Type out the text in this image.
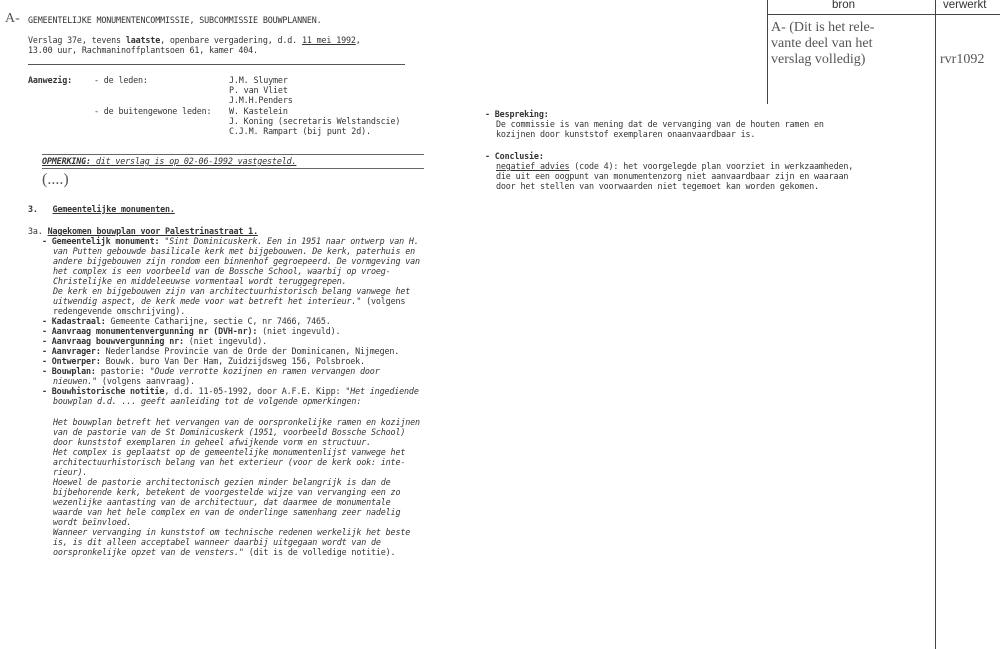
bron	verwerkt
A- (Dit is het rele-
vante deel van het
verslag volledig)	rvr1092
A- GEMEENTELIJKE MONUMENTENCOMMISSIE, SUBCOMMISSIE BOUWPLANNEN.
Verslag 37e, tevens laatste, openbare vergadering, d.d. 11 mei 1992,
13.00 uur, Rachmaninoffplantsoen 61, kamer 404.
Aanwezig:	- de leden:	J.M. Sluymer
P. van Vliet
J.M.H.Penders
- de buitengewone leden: W. Kastelein
J. Koning (secretaris Welstandscie)
C.J.M. Rampart (bij punt 2d).
OPMERKING: dit verslag is op 02-06-1992 vastgesteld.
(....)
3. Gemeentelijke monumenten.
3a. Nagekomen bouwplan voor Palestrinastraat 1.
- Gemeentelijk monument: "Sint Dominicuskerk. Een in 1951 naar ontwerp van H.
van Putten gebouwde basilicale kerk met bijgebouwen. De kerk, paterhuis en
andere bijgebouwen zijn rondom een binnenhof gegroepeerd. De vormgeving van
het complex is een voorbeeld van de Bossche School, waarbij op vroeg-
Christelijke en middeleeuwse vormentaal wordt teruggegrepen.
De kerk en bijgebouwen zijn van architectuurhistorisch belang vanwege het
uitwendig aspect, de kerk mede voor wat betreft het interieur." (volgens
redengevende omschrijving).
- Kadastraal: Gemeente Catharijne, sectie C, nr 7466, 7465.
- Aanvraag monumentenvergunning nr (DVH-nr): (niet ingevuld).
- Aanvraag bouwvergunning nr: (niet ingevuld).
- Aanvrager: Nederlandse Provincie van de Orde der Dominicanen, Nijmegen.
- Ontwerper: Bouwk. buro Van Der Ham, Zuidzijdsweg 156, Polsbroek.
- Bouwplan: pastorie: "Oude verrotte kozijnen en ramen vervangen door
nieuwen." (volgens aanvraag).
- Bouwhistorische notitie, d.d. 11-05-1992, door A.F.E. Kipp: "Het ingediende
bouwplan d.d. ... geeft aanleiding tot de volgende opmerkingen:
Het bouwplan betreft het vervangen van de oorspronkelijke ramen en kozijnen
van de pastorie van de St Dominicuskerk (1951, voorbeeld Bossche School)
door kunststof exemplaren in geheel afwijkende vorm en structuur.
Het complex is geplaatst op de gemeentelijke monumentenlijst vanwege het
architectuurhistorisch belang van het exterieur (voor de kerk ook: inte-
rieur).
Hoewel de pastorie architectonisch gezien minder belangrijk is dan de
bijbehorende kerk, betekent de voorgestelde wijze van vervanging een zo
wezenlijke aantasting van de architectuur, dat daarmee de monumentale
waarde van het hele complex en van de onderlinge samenhang zeer nadelig
wordt beïnvloed.
Wanneer vervanging in kunststof om technische redenen werkelijk het beste
is, is dit alleen acceptabel wanneer daarbij uitgegaan wordt van de
oorspronkelijke opzet van de vensters." (dit is de volledige notitie).
- Bespreking:
De commissie is van mening dat de vervanging van de houten ramen en
kozijnen door kunststof exemplaren onaanvaardbaar is.
- Conclusie:
negatief advies (code 4): het voorgelegde plan voorziet in werkzaamheden,
die uit een oogpunt van monumentenzorg niet aanvaardbaar zijn en waaraan
door het stellen van voorwaarden niet tegemoet kan worden gekomen.
